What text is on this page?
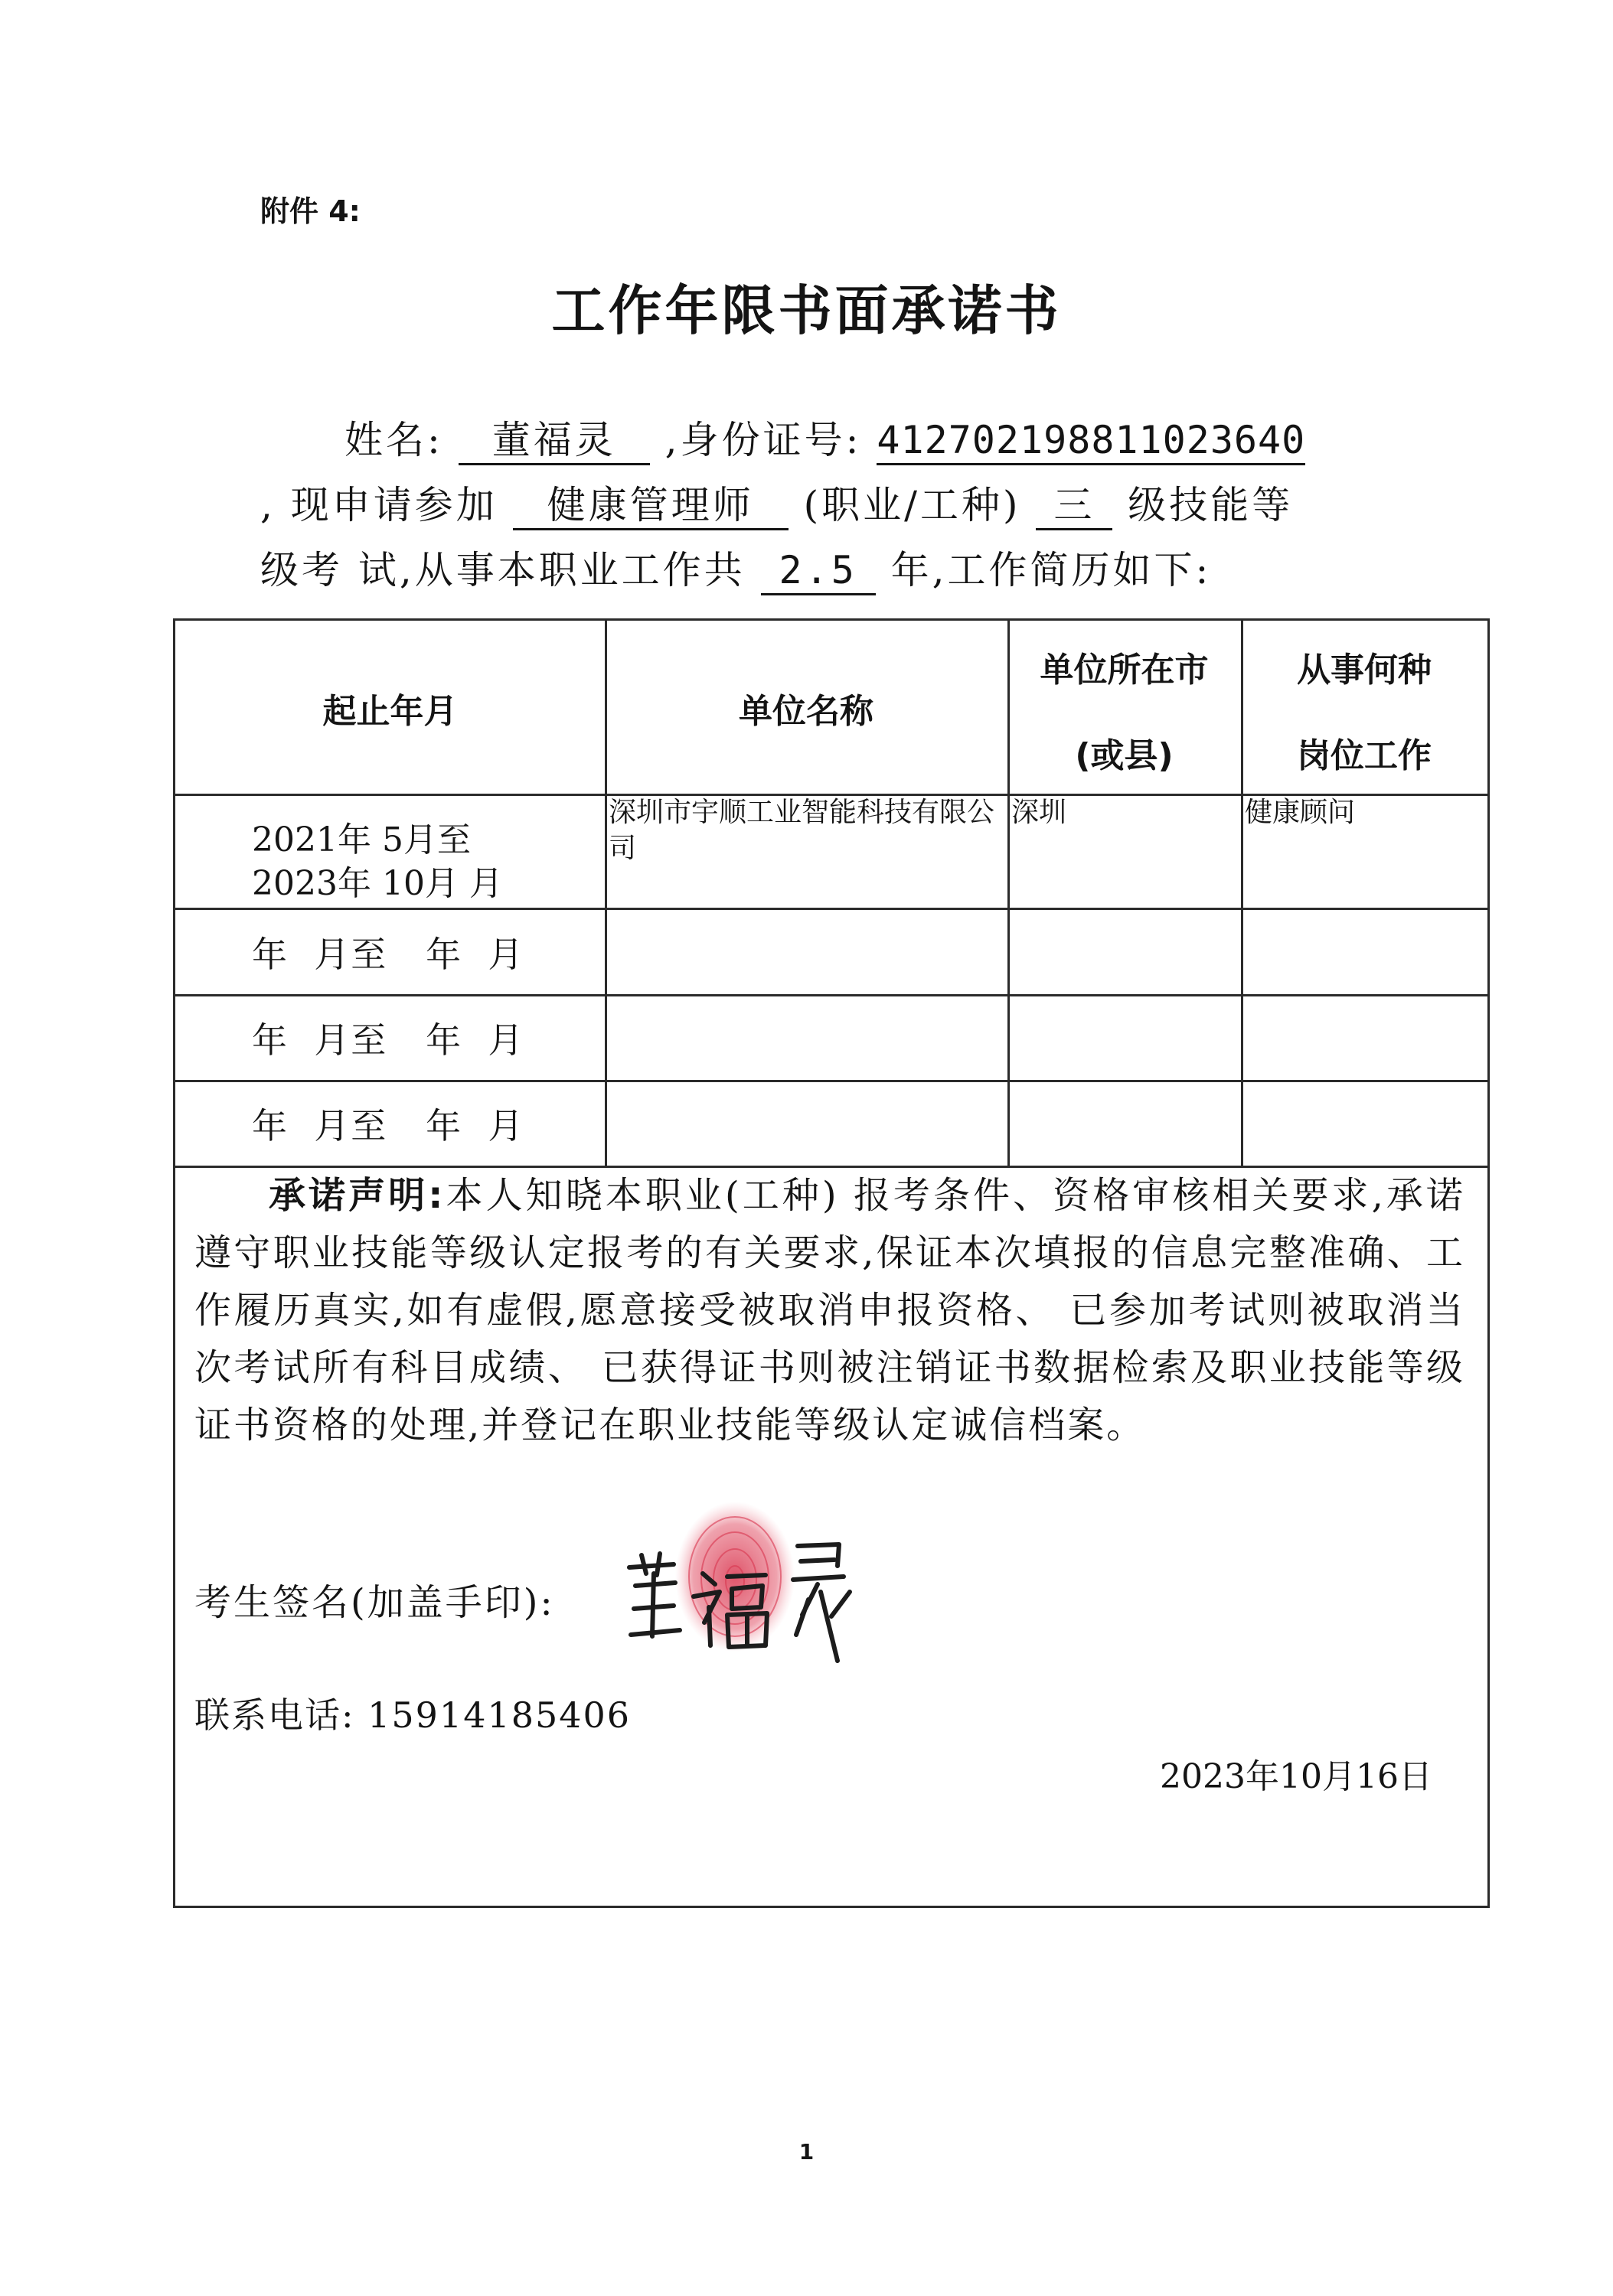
附件 4:
工作年限书面承诺书
姓名: 董福灵 ,身份证号: 412702198811023640
, 现申请参加 健康管理师 (职业/工种) 三 级技能等
级考 试,从事本职业工作共 2.5 年,工作简历如下:
起止年月	单位名称
单位所在市
(或县)
从事何种
岗位工作
2021年 5月至
2023年 10月 月
深圳市宇顺工业智能科技有限公司
深圳	健康顾问
年  月至   年  月
年  月至   年  月
年  月至   年  月
承诺声明:本人知晓本职业(工种) 报考条件、资格审核相关要求,承诺遵守职业技能等级认定报考的有关要求,保证本次填报的信息完整准确、工作履历真实,如有虚假,愿意接受被取消申报资格、 已参加考试则被取消当次考试所有科目成绩、 已获得证书则被注销证书数据检索及职业技能等级证书资格的处理,并登记在职业技能等级认定诚信档案。
考生签名(加盖手印):
联系电话: 15914185406
2023年10月16日
1
